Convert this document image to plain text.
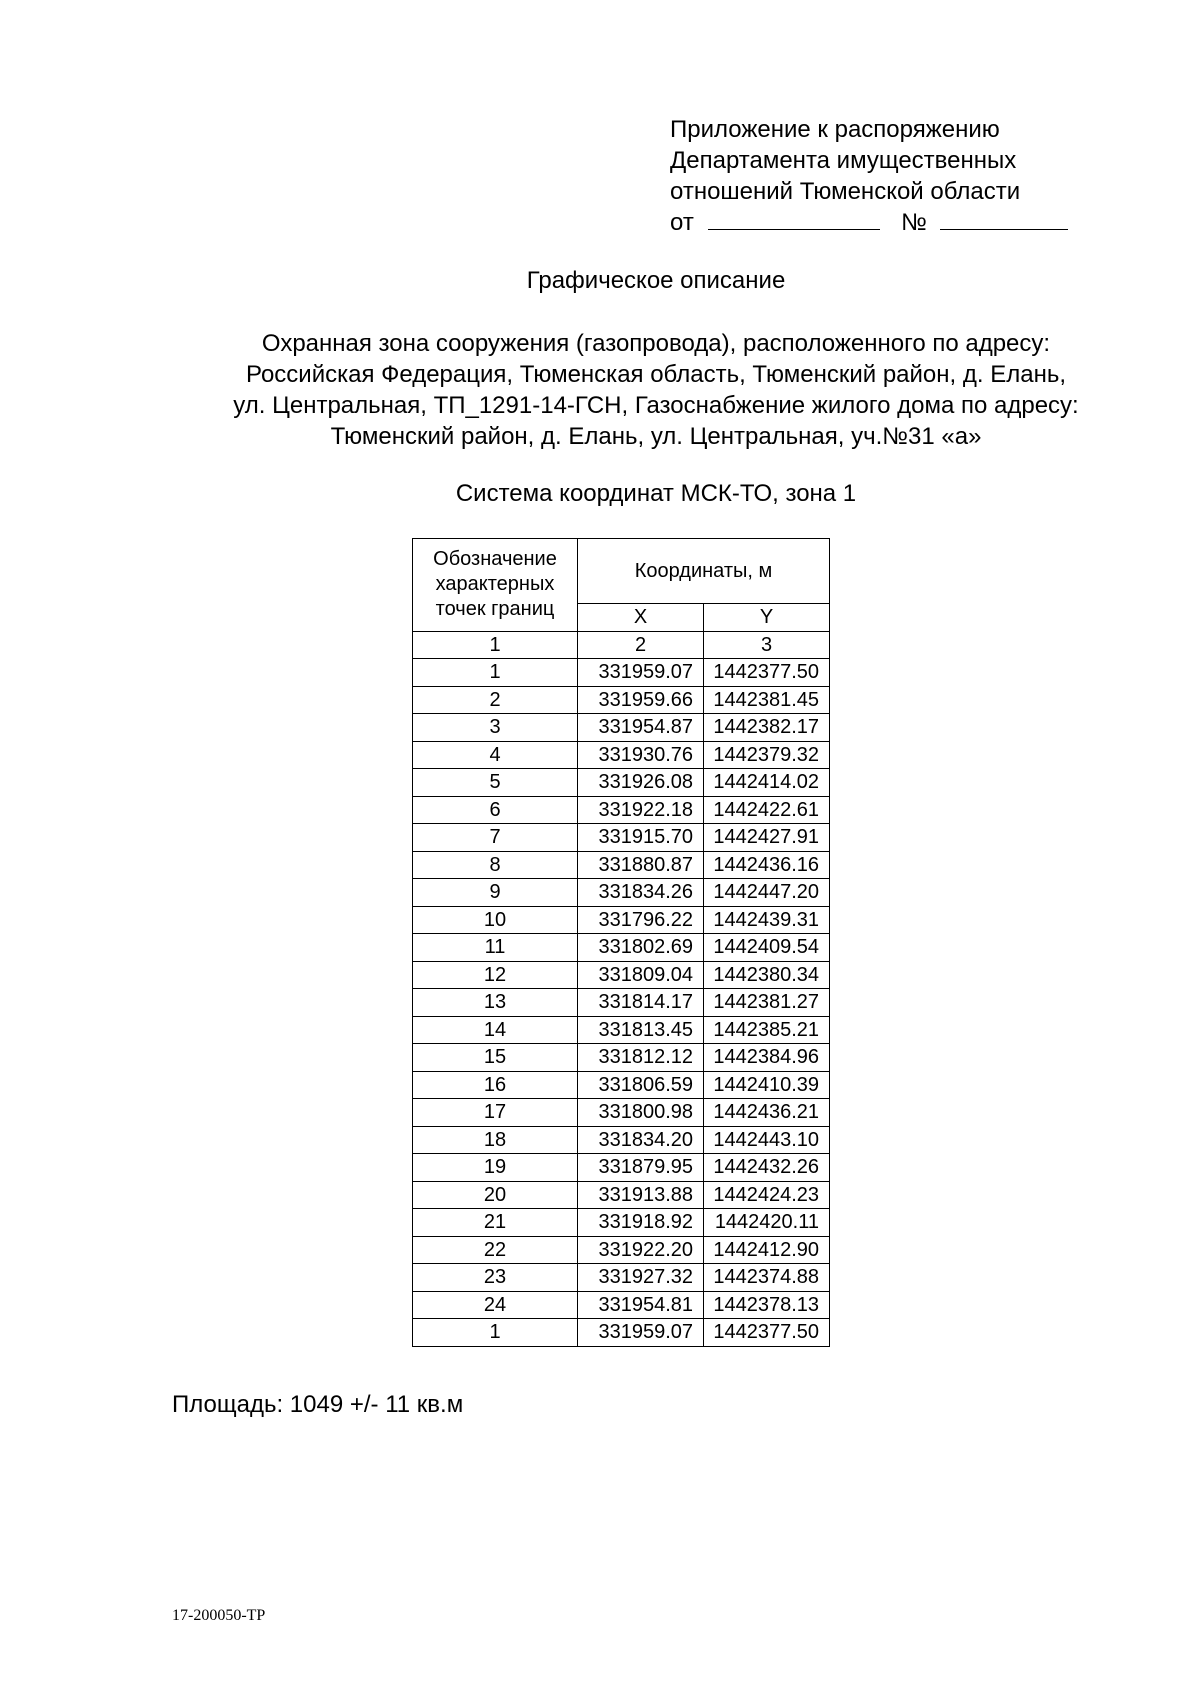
Приложение к распоряжению
Департамента имущественных
отношений Тюменской области
от	№
Графическое описание
Охранная зона сооружения (газопровода), расположенного по адресу:
Российская Федерация, Тюменская область, Тюменский район, д. Елань,
ул. Центральная, ТП_1291-14-ГСН, Газоснабжение жилого дома по адресу:
Тюменский район, д. Елань, ул. Центральная, уч.№31 «а»
Система координат МСК-ТО, зона 1
Обозначение
характерных
точек границ	Координаты, м	
	X	Y
1	2	3
1	331959.07	1442377.50
2	331959.66	1442381.45
3	331954.87	1442382.17
4	331930.76	1442379.32
5	331926.08	1442414.02
6	331922.18	1442422.61
7	331915.70	1442427.91
8	331880.87	1442436.16
9	331834.26	1442447.20
10	331796.22	1442439.31
11	331802.69	1442409.54
12	331809.04	1442380.34
13	331814.17	1442381.27
14	331813.45	1442385.21
15	331812.12	1442384.96
16	331806.59	1442410.39
17	331800.98	1442436.21
18	331834.20	1442443.10
19	331879.95	1442432.26
20	331913.88	1442424.23
21	331918.92	1442420.11
22	331922.20	1442412.90
23	331927.32	1442374.88
24	331954.81	1442378.13
1	331959.07	1442377.50
Площадь: 1049 +/- 11 кв.м
17-200050-ТР
